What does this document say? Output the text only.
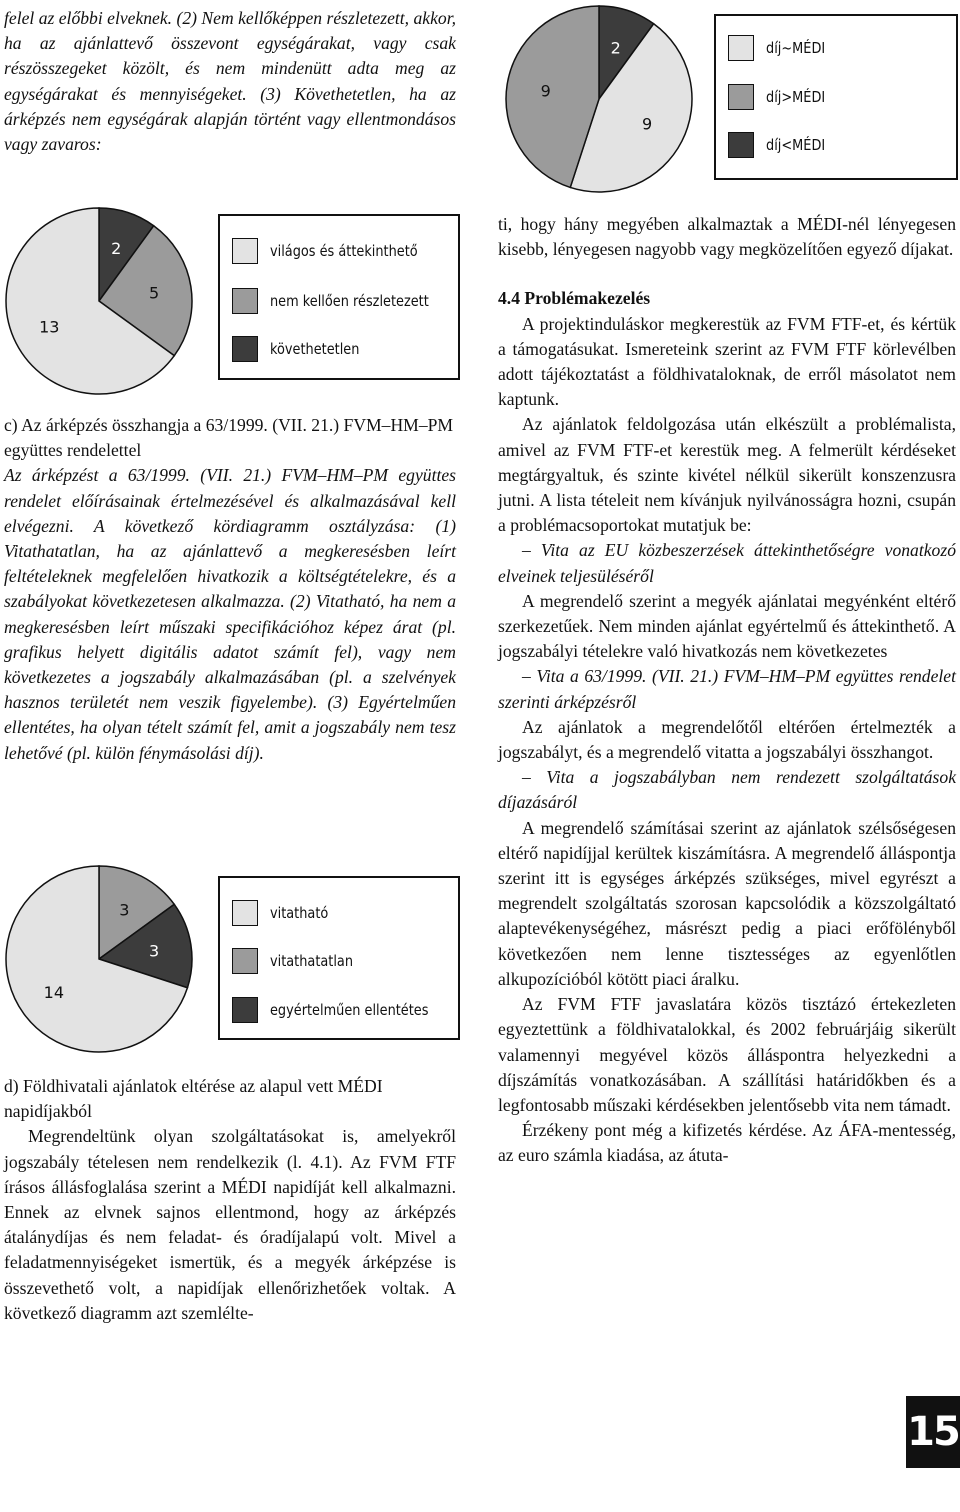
felel az előbbi elveknek. (2) Nem kellőképpen részletezett, akkor, ha az ajánlattevő összevont egységárakat, vagy csak részösszegeket közölt, és nem mindenütt adta meg az egységárakat és mennyiségeket. (3) Követhetetlen, ha az árképzés nem egységárak alapján történt vagy ellentmondásos vagy zavaros:

2
9
9
díj~MÉDI
díj>MÉDI
díj<MÉDI
2
5
13
világos és áttekinthető
nem kellően részletezett
követhetetlen

c) Az árképzés összhangja a 63/1999. (VII. 21.) FVM–HM–PM együttes rendelettel

Az árképzést a 63/1999. (VII. 21.) FVM–HM–PM együttes rendelet előírásainak értelmezésével és alkalmazásával kell elvégezni. A következő kördiagramm osztályzása: (1) Vitathatatlan, ha az ajánlattevő a megkeresésben leírt feltételeknek megfelelően hivatkozik a költségtételekre, és a szabályokat következetesen alkalmazza. (2) Vitatható, ha nem a megkeresésben leírt műszaki specifikációhoz képez árat (pl. grafikus helyett digitális adatot számít fel), vagy nem következetes a jogszabály alkalmazásában (pl. a szelvények hasznos területét nem veszik figyelembe). (3) Egyértelműen ellentétes, ha olyan tételt számít fel, amit a jogszabály nem tesz lehetővé (pl. külön fénymásolási díj).

3
3
14
vitatható
vitathatatlan
egyértelműen ellentétes

d) Földhivatali ajánlatok eltérése az alapul vett MÉDI napidíjakból

Megrendeltünk olyan szolgáltatásokat is, amelyekről jogszabály tételesen nem rendelkezik (l. 4.1). Az FVM FTF írásos állásfoglalása szerint a MÉDI napidíját kell alkalmazni. Ennek az elvnek sajnos ellentmond, hogy az árképzés átalánydíjas és nem feladat- és óradíjalapú volt. Mivel a feladatmennyiségeket ismertük, és a megyék árképzése is összevethető volt, a napidíjak ellenőrizhetőek voltak. A következő diagramm azt szemlélte-

ti, hogy hány megyében alkalmaztak a MÉDI-nél lényegesen kisebb, lényegesen nagyobb vagy megközelítően egyező díjakat.

4.4 Problémakezelés

A projektinduláskor megkerestük az FVM FTF-et, és kértük a támogatásukat. Ismereteink szerint az FVM FTF körlevélben adott tájékoztatást a földhivataloknak, de erről másolatot nem kaptunk.

Az ajánlatok feldolgozása után elkészült a problémalista, amivel az FVM FTF-et kerestük meg. A felmerült kérdéseket megtárgyaltuk, és szinte kivétel nélkül sikerült konszenzusra jutni. A lista tételeit nem kívánjuk nyilvánosságra hozni, csupán a problémacsoportokat mutatjuk be:

– Vita az EU közbeszerzések áttekinthetőségre vonatkozó elveinek teljesüléséről

A megrendelő szerint a megyék ajánlatai megyénként eltérő szerkezetűek. Nem minden ajánlat egyértelmű és áttekinthető. A jogszabályi tételekre való hivatkozás nem következetes

– Vita a 63/1999. (VII. 21.) FVM–HM–PM együttes rendelet szerinti árképzésről

Az ajánlatok a megrendelőtől eltérően értelmezték a jogszabályt, és a megrendelő vitatta a jogszabályi összhangot.

– Vita a jogszabályban nem rendezett szolgáltatások díjazásáról

A megrendelő számításai szerint az ajánlatok szélsőségesen eltérő napidíjjal kerültek kiszámításra. A megrendelő álláspontja szerint itt is egységes árképzés szükséges, mivel egyrészt a megrendelt szolgáltatás szorosan kapcsolódik a közszolgáltató alaptevékenységéhez, másrészt pedig a piaci erőfölényből következően nem lenne tisztességes az egyenlőtlen alkupozícióból kötött piaci áralku.

Az FVM FTF javaslatára közös tisztázó értekezleten egyeztettünk a földhivatalokkal, és 2002 februárjáig sikerült valamennyi megyével közös álláspontra helyezkedni a díjszámítás vonatkozásában. A szállítási határidőkben és a legfontosabb műszaki kérdésekben jelentősebb vita nem támadt.

Érzékeny pont még a kifizetés kérdése. Az ÁFA-mentesség, az euro számla kiadása, az átuta-

15
